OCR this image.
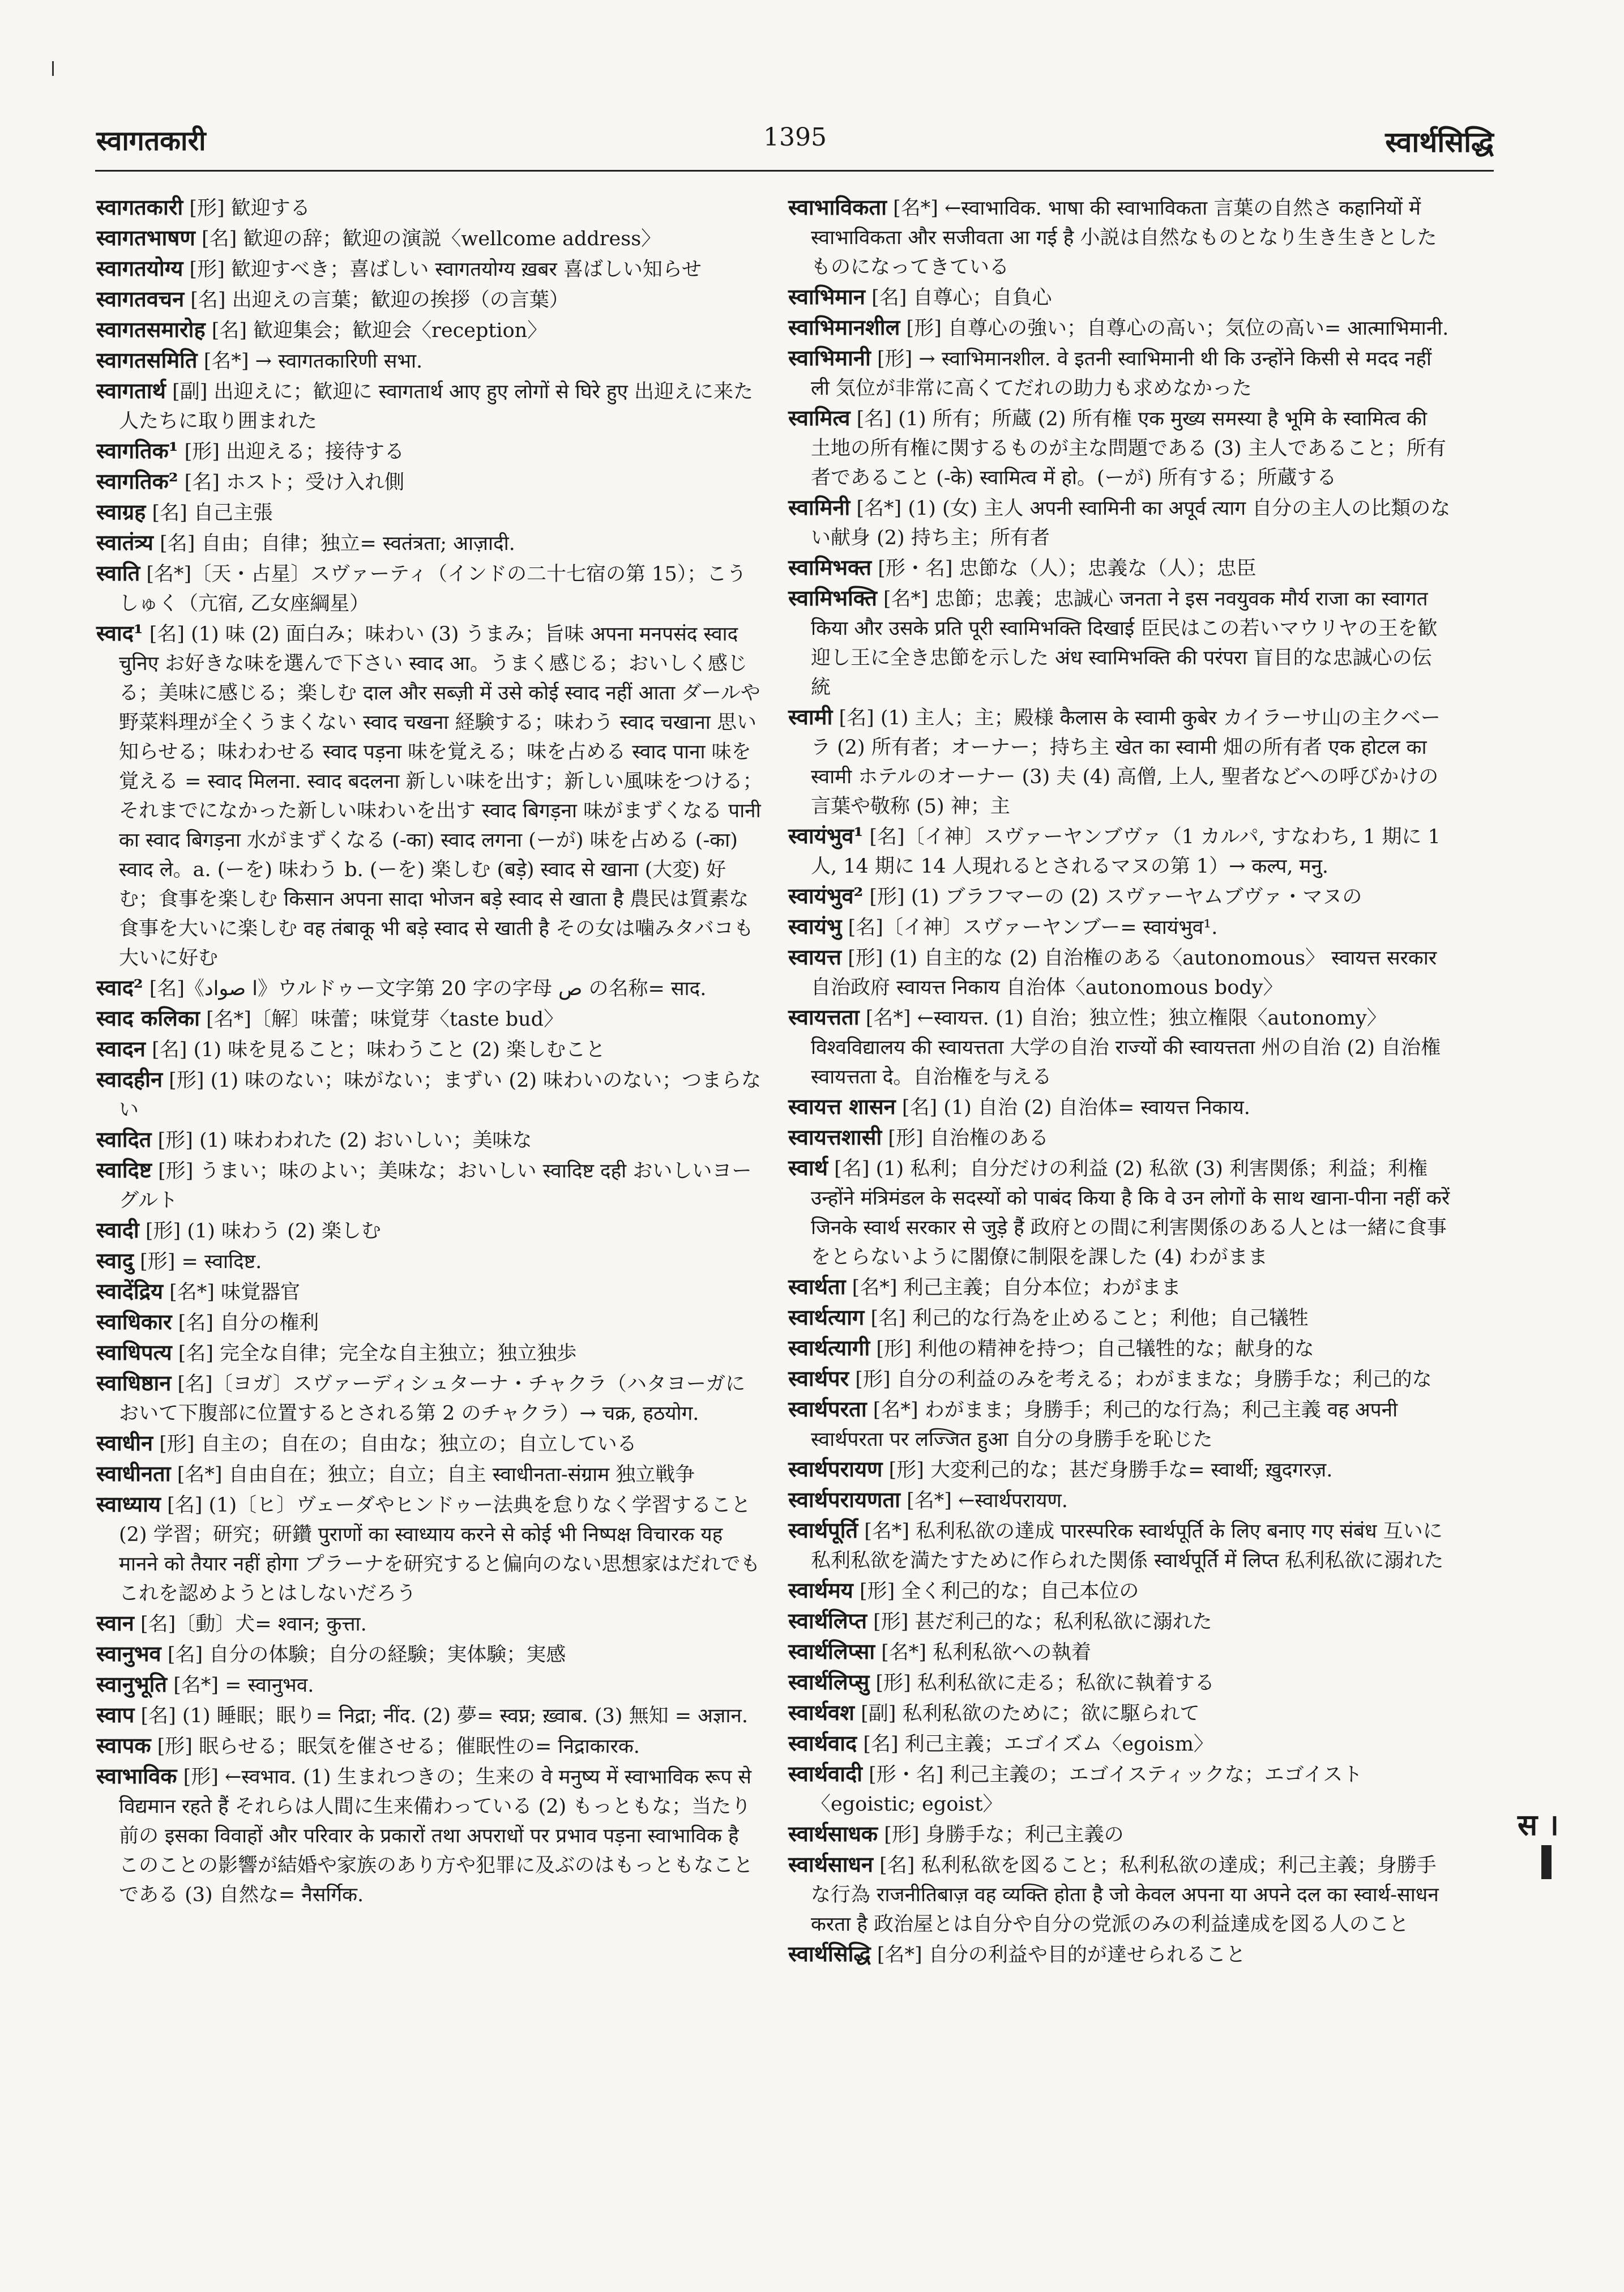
स्वागतकारी	1395	स्वार्थसिद्धि

स्वागतकारी [形] 歓迎する

स्वागतभाषण [名] 歓迎の辞；歓迎の演説〈wellcome address〉

स्वागतयोग्य [形] 歓迎すべき；喜ばしい स्वागतयोग्य ख़बर 喜ばしい知らせ

स्वागतवचन [名] 出迎えの言葉；歓迎の挨拶（の言葉）

स्वागतसमारोह [名] 歓迎集会；歓迎会〈reception〉

स्वागतसमिति [名*] → स्वागतकारिणी सभा.

स्वागतार्थ [副] 出迎えに；歓迎に स्वागतार्थ आए हुए लोगों से घिरे हुए 出迎えに来た人たちに取り囲まれた

स्वागतिक¹ [形] 出迎える；接待する

स्वागतिक² [名] ホスト；受け入れ側

स्वाग्रह [名] 自己主張

स्वातंत्र्य [名] 自由；自律；独立= स्वतंत्रता; आज़ादी.

स्वाति [名*]〔天・占星〕スヴァーティ（インドの二十七宿の第 15）；こうしゅく（亢宿, 乙女座綱星）

स्वाद¹ [名] (1) 味 (2) 面白み；味わい (3) うまみ；旨味 अपना मनपसंद स्वाद चुनिए お好きな味を選んで下さい स्वाद आ。うまく感じる；おいしく感じる；美味に感じる；楽しむ दाल और सब्ज़ी में उसे कोई स्वाद नहीं आता ダールや野菜料理が全くうまくない स्वाद चखना 経験する；味わう स्वाद चखाना 思い知らせる；味わわせる स्वाद पड़ना 味を覚える；味を占める स्वाद पाना 味を覚える = स्वाद मिलना. स्वाद बदलना 新しい味を出す；新しい風味をつける；それまでになかった新しい味わいを出す स्वाद बिगड़ना 味がまずくなる पानी का स्वाद बिगड़ना 水がまずくなる (-का) स्वाद लगना (ーが) 味を占める (-का) स्वाद ले。a. (ーを) 味わう b. (ーを) 楽しむ (बड़े) स्वाद से खाना (大変) 好む；食事を楽しむ किसान अपना सादा भोजन बड़े स्वाद से खाता है 農民は質素な食事を大いに楽しむ वह तंबाकू भी बड़े स्वाद से खाती है その女は噛みタバコも大いに好む

स्वाद² [名]《ا صواد》ウルドゥー文字第 20 字の字母 ص の名称= साद.

स्वाद कलिका [名*]〔解〕味蕾；味覚芽〈taste bud〉

स्वादन [名] (1) 味を見ること；味わうこと (2) 楽しむこと

स्वादहीन [形] (1) 味のない；味がない；まずい (2) 味わいのない；つまらない

स्वादित [形] (1) 味わわれた (2) おいしい；美味な

स्वादिष्ट [形] うまい；味のよい；美味な；おいしい स्वादिष्ट दही おいしいヨーグルト

स्वादी [形] (1) 味わう (2) 楽しむ

स्वादु [形] = स्वादिष्ट.

स्वादेंद्रिय [名*] 味覚器官

स्वाधिकार [名] 自分の権利

स्वाधिपत्य [名] 完全な自律；完全な自主独立；独立独歩

स्वाधिष्ठान [名]〔ヨガ〕スヴァーディシュターナ・チャクラ（ハタヨーガにおいて下腹部に位置するとされる第 2 のチャクラ）→ चक्र, हठयोग.

स्वाधीन [形] 自主の；自在の；自由な；独立の；自立している

स्वाधीनता [名*] 自由自在；独立；自立；自主 स्वाधीनता-संग्राम 独立戦争

स्वाध्याय [名] (1)〔ヒ〕ヴェーダやヒンドゥー法典を怠りなく学習すること (2) 学習；研究；研鑽 पुराणों का स्वाध्याय करने से कोई भी निष्पक्ष विचारक यह मानने को तैयार नहीं होगा プラーナを研究すると偏向のない思想家はだれでもこれを認めようとはしないだろう

स्वान [名]〔動〕犬= श्वान; कुत्ता.

स्वानुभव [名] 自分の体験；自分の経験；実体験；実感

स्वानुभूति [名*] = स्वानुभव.

स्वाप [名] (1) 睡眠；眠り= निद्रा; नींद. (2) 夢= स्वप्न; ख़्वाब. (3) 無知 = अज्ञान.

स्वापक [形] 眠らせる；眠気を催させる；催眠性の= निद्राकारक.

स्वाभाविक [形] ←स्वभाव. (1) 生まれつきの；生来の वे मनुष्य में स्वाभाविक रूप से विद्यमान रहते हैं それらは人間に生来備わっている (2) もっともな；当たり前の इसका विवाहों और परिवार के प्रकारों तथा अपराधों पर प्रभाव पड़ना स्वाभाविक है このことの影響が結婚や家族のあり方や犯罪に及ぶのはもっともなことである (3) 自然な= नैसर्गिक.

स्वाभाविकता [名*] ←स्वाभाविक. भाषा की स्वाभाविकता 言葉の自然さ कहानियों में स्वाभाविकता और सजीवता आ गई है 小説は自然なものとなり生き生きとしたものになってきている

स्वाभिमान [名] 自尊心；自負心

स्वाभिमानशील [形] 自尊心の強い；自尊心の高い；気位の高い= आत्माभिमानी.

स्वाभिमानी [形] → स्वाभिमानशील. वे इतनी स्वाभिमानी थी कि उन्होंने किसी से मदद नहीं ली 気位が非常に高くてだれの助力も求めなかった

स्वामित्व [名] (1) 所有；所蔵 (2) 所有権 एक मुख्य समस्या है भूमि के स्वामित्व की 土地の所有権に関するものが主な問題である (3) 主人であること；所有者であること (-के) स्वामित्व में हो。(ーが) 所有する；所蔵する

स्वामिनी [名*] (1) (女) 主人 अपनी स्वामिनी का अपूर्व त्याग 自分の主人の比類のない献身 (2) 持ち主；所有者

स्वामिभक्त [形・名] 忠節な（人）；忠義な（人）；忠臣

स्वामिभक्ति [名*] 忠節；忠義；忠誠心 जनता ने इस नवयुवक मौर्य राजा का स्वागत किया और उसके प्रति पूरी स्वामिभक्ति दिखाई 臣民はこの若いマウリヤの王を歓迎し王に全き忠節を示した अंध स्वामिभक्ति की परंपरा 盲目的な忠誠心の伝統

स्वामी [名] (1) 主人；主；殿様 कैलास के स्वामी कुबेर カイラーサ山の主クベーラ (2) 所有者；オーナー；持ち主 खेत का स्वामी 畑の所有者 एक होटल का स्वामी ホテルのオーナー (3) 夫 (4) 高僧, 上人, 聖者などへの呼びかけの言葉や敬称 (5) 神；主

स्वायंभुव¹ [名]〔イ神〕スヴァーヤンブヴァ（1 カルパ, すなわち, 1 期に 1 人, 14 期に 14 人現れるとされるマヌの第 1）→ कल्प, मनु.

स्वायंभुव² [形] (1) ブラフマーの (2) スヴァーヤムブヴァ・マヌの

स्वायंभु [名]〔イ神〕スヴァーヤンブー= स्वायंभुव¹.

स्वायत्त [形] (1) 自主的な (2) 自治権のある〈autonomous〉 स्वायत्त सरकार 自治政府 स्वायत्त निकाय 自治体〈autonomous body〉

स्वायत्तता [名*] ←स्वायत्त. (1) 自治；独立性；独立権限〈autonomy〉 विश्वविद्यालय की स्वायत्तता 大学の自治 राज्यों की स्वायत्तता 州の自治 (2) 自治権 स्वायत्तता दे。自治権を与える

स्वायत्त शासन [名] (1) 自治 (2) 自治体= स्वायत्त निकाय.

स्वायत्तशासी [形] 自治権のある

स्वार्थ [名] (1) 私利；自分だけの利益 (2) 私欲 (3) 利害関係；利益；利権 उन्होंने मंत्रिमंडल के सदस्यों को पाबंद किया है कि वे उन लोगों के साथ खाना-पीना नहीं करें जिनके स्वार्थ सरकार से जुड़े हैं 政府との間に利害関係のある人とは一緒に食事をとらないように閣僚に制限を課した (4) わがまま

स्वार्थता [名*] 利己主義；自分本位；わがまま

स्वार्थत्याग [名] 利己的な行為を止めること；利他；自己犠牲

स्वार्थत्यागी [形] 利他の精神を持つ；自己犠牲的な；献身的な

स्वार्थपर [形] 自分の利益のみを考える；わがままな；身勝手な；利己的な

स्वार्थपरता [名*] わがまま；身勝手；利己的な行為；利己主義 वह अपनी स्वार्थपरता पर लज्जित हुआ 自分の身勝手を恥じた

स्वार्थपरायण [形] 大変利己的な；甚だ身勝手な= स्वार्थी; ख़ुदगरज़.

स्वार्थपरायणता [名*] ←स्वार्थपरायण.

स्वार्थपूर्ति [名*] 私利私欲の達成 पारस्परिक स्वार्थपूर्ति के लिए बनाए गए संबंध 互いに私利私欲を満たすために作られた関係 स्वार्थपूर्ति में लिप्त 私利私欲に溺れた

स्वार्थमय [形] 全く利己的な；自己本位の

स्वार्थलिप्त [形] 甚だ利己的な；私利私欲に溺れた

स्वार्थलिप्सा [名*] 私利私欲への執着

स्वार्थलिप्सु [形] 私利私欲に走る；私欲に執着する

स्वार्थवश [副] 私利私欲のために；欲に駆られて

स्वार्थवाद [名] 利己主義；エゴイズム〈egoism〉

स्वार्थवादी [形・名] 利己主義の；エゴイスティックな；エゴイスト〈egoistic; egoist〉

स्वार्थसाधक [形] 身勝手な；利己主義の

स्वार्थसाधन [名] 私利私欲を図ること；私利私欲の達成；利己主義；身勝手な行為 राजनीतिबाज़ वह व्यक्ति होता है जो केवल अपना या अपने दल का स्वार्थ-साधन करता है 政治屋とは自分や自分の党派のみの利益達成を図る人のこと

स्वार्थसिद्धि [名*] 自分の利益や目的が達せられること

स ।
